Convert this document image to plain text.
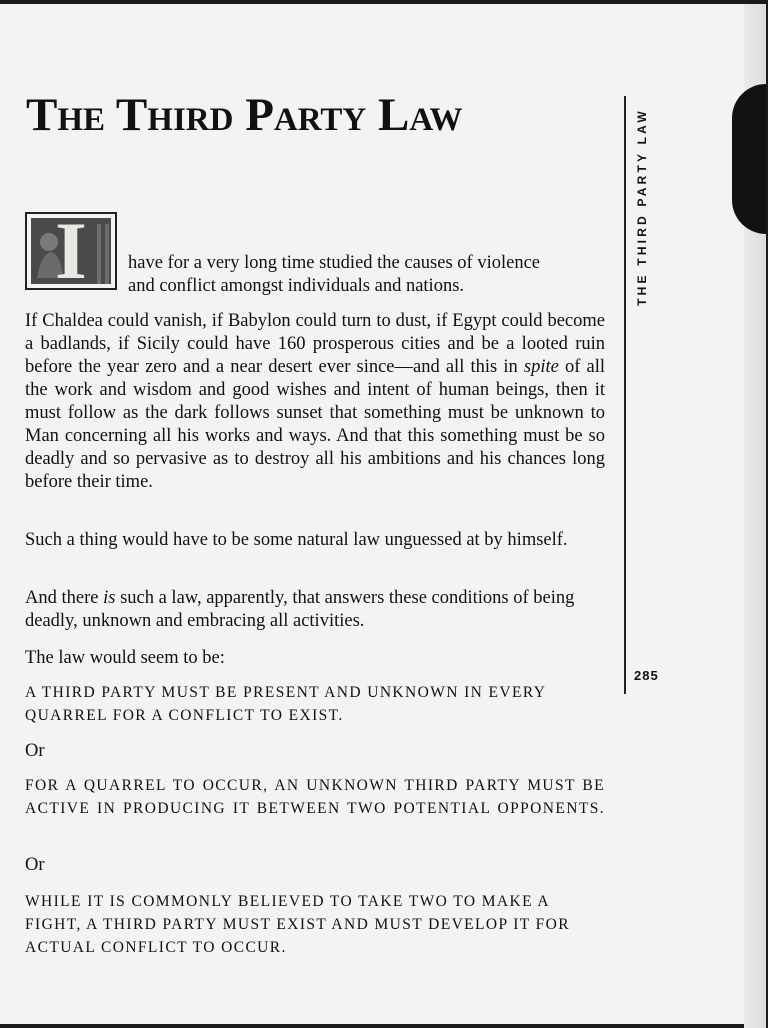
The Third Party Law	THE THIRD PARTY LAW
285
I	have for a very long time studied the causes of violence
and conflict amongst individuals and nations.

If Chaldea could vanish, if Babylon could turn to dust, if Egypt could become a badlands, if Sicily could have 160 prosperous cities and be a looted ruin before the year zero and a near desert ever since—and all this in spite of all the work and wisdom and good wishes and intent of human beings, then it must follow as the dark follows sunset that something must be unknown to Man concerning all his works and ways. And that this something must be so deadly and so pervasive as to destroy all his ambitions and his chances long before their time.

Such a thing would have to be some natural law unguessed at by himself.

And there is such a law, apparently, that answers these conditions of being deadly, unknown and embracing all activities.

The law would seem to be:

A THIRD PARTY MUST BE PRESENT AND UNKNOWN IN EVERY QUARREL FOR A CONFLICT TO EXIST.

Or

FOR A QUARREL TO OCCUR, AN UNKNOWN THIRD PARTY MUST BE ACTIVE IN PRODUCING IT BETWEEN TWO POTENTIAL OPPONENTS.

Or

WHILE IT IS COMMONLY BELIEVED TO TAKE TWO TO MAKE A FIGHT, A THIRD PARTY MUST EXIST AND MUST DEVELOP IT FOR ACTUAL CONFLICT TO OCCUR.
